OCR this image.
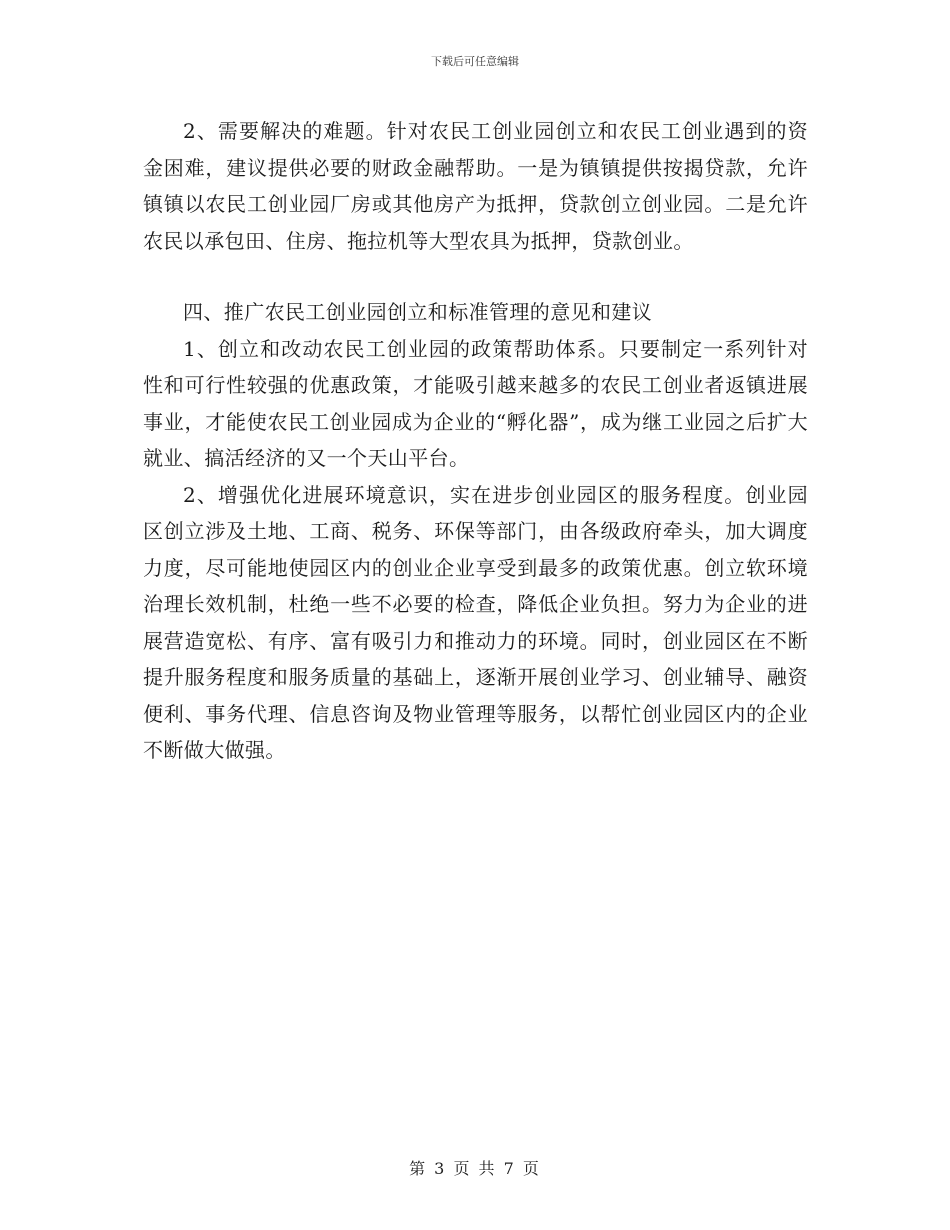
下载后可任意编辑

2、需要解决的难题。针对农民工创业园创立和农民工创业遇到的资金困难，建议提供必要的财政金融帮助。一是为镇镇提供按揭贷款，允许镇镇以农民工创业园厂房或其他房产为抵押，贷款创立创业园。二是允许农民以承包田、住房、拖拉机等大型农具为抵押，贷款创业。

四、推广农民工创业园创立和标准管理的意见和建议

1、创立和改动农民工创业园的政策帮助体系。只要制定一系列针对性和可行性较强的优惠政策，才能吸引越来越多的农民工创业者返镇进展事业，才能使农民工创业园成为企业的“孵化器”，成为继工业园之后扩大就业、搞活经济的又一个天山平台。

2、增强优化进展环境意识，实在进步创业园区的服务程度。创业园区创立涉及土地、工商、税务、环保等部门，由各级政府牵头，加大调度力度，尽可能地使园区内的创业企业享受到最多的政策优惠。创立软环境治理长效机制，杜绝一些不必要的检查，降低企业负担。努力为企业的进展营造宽松、有序、富有吸引力和推动力的环境。同时，创业园区在不断提升服务程度和服务质量的基础上，逐渐开展创业学习、创业辅导、融资便利、事务代理、信息咨询及物业管理等服务，以帮忙创业园区内的企业不断做大做强。

第 3 页 共 7 页
